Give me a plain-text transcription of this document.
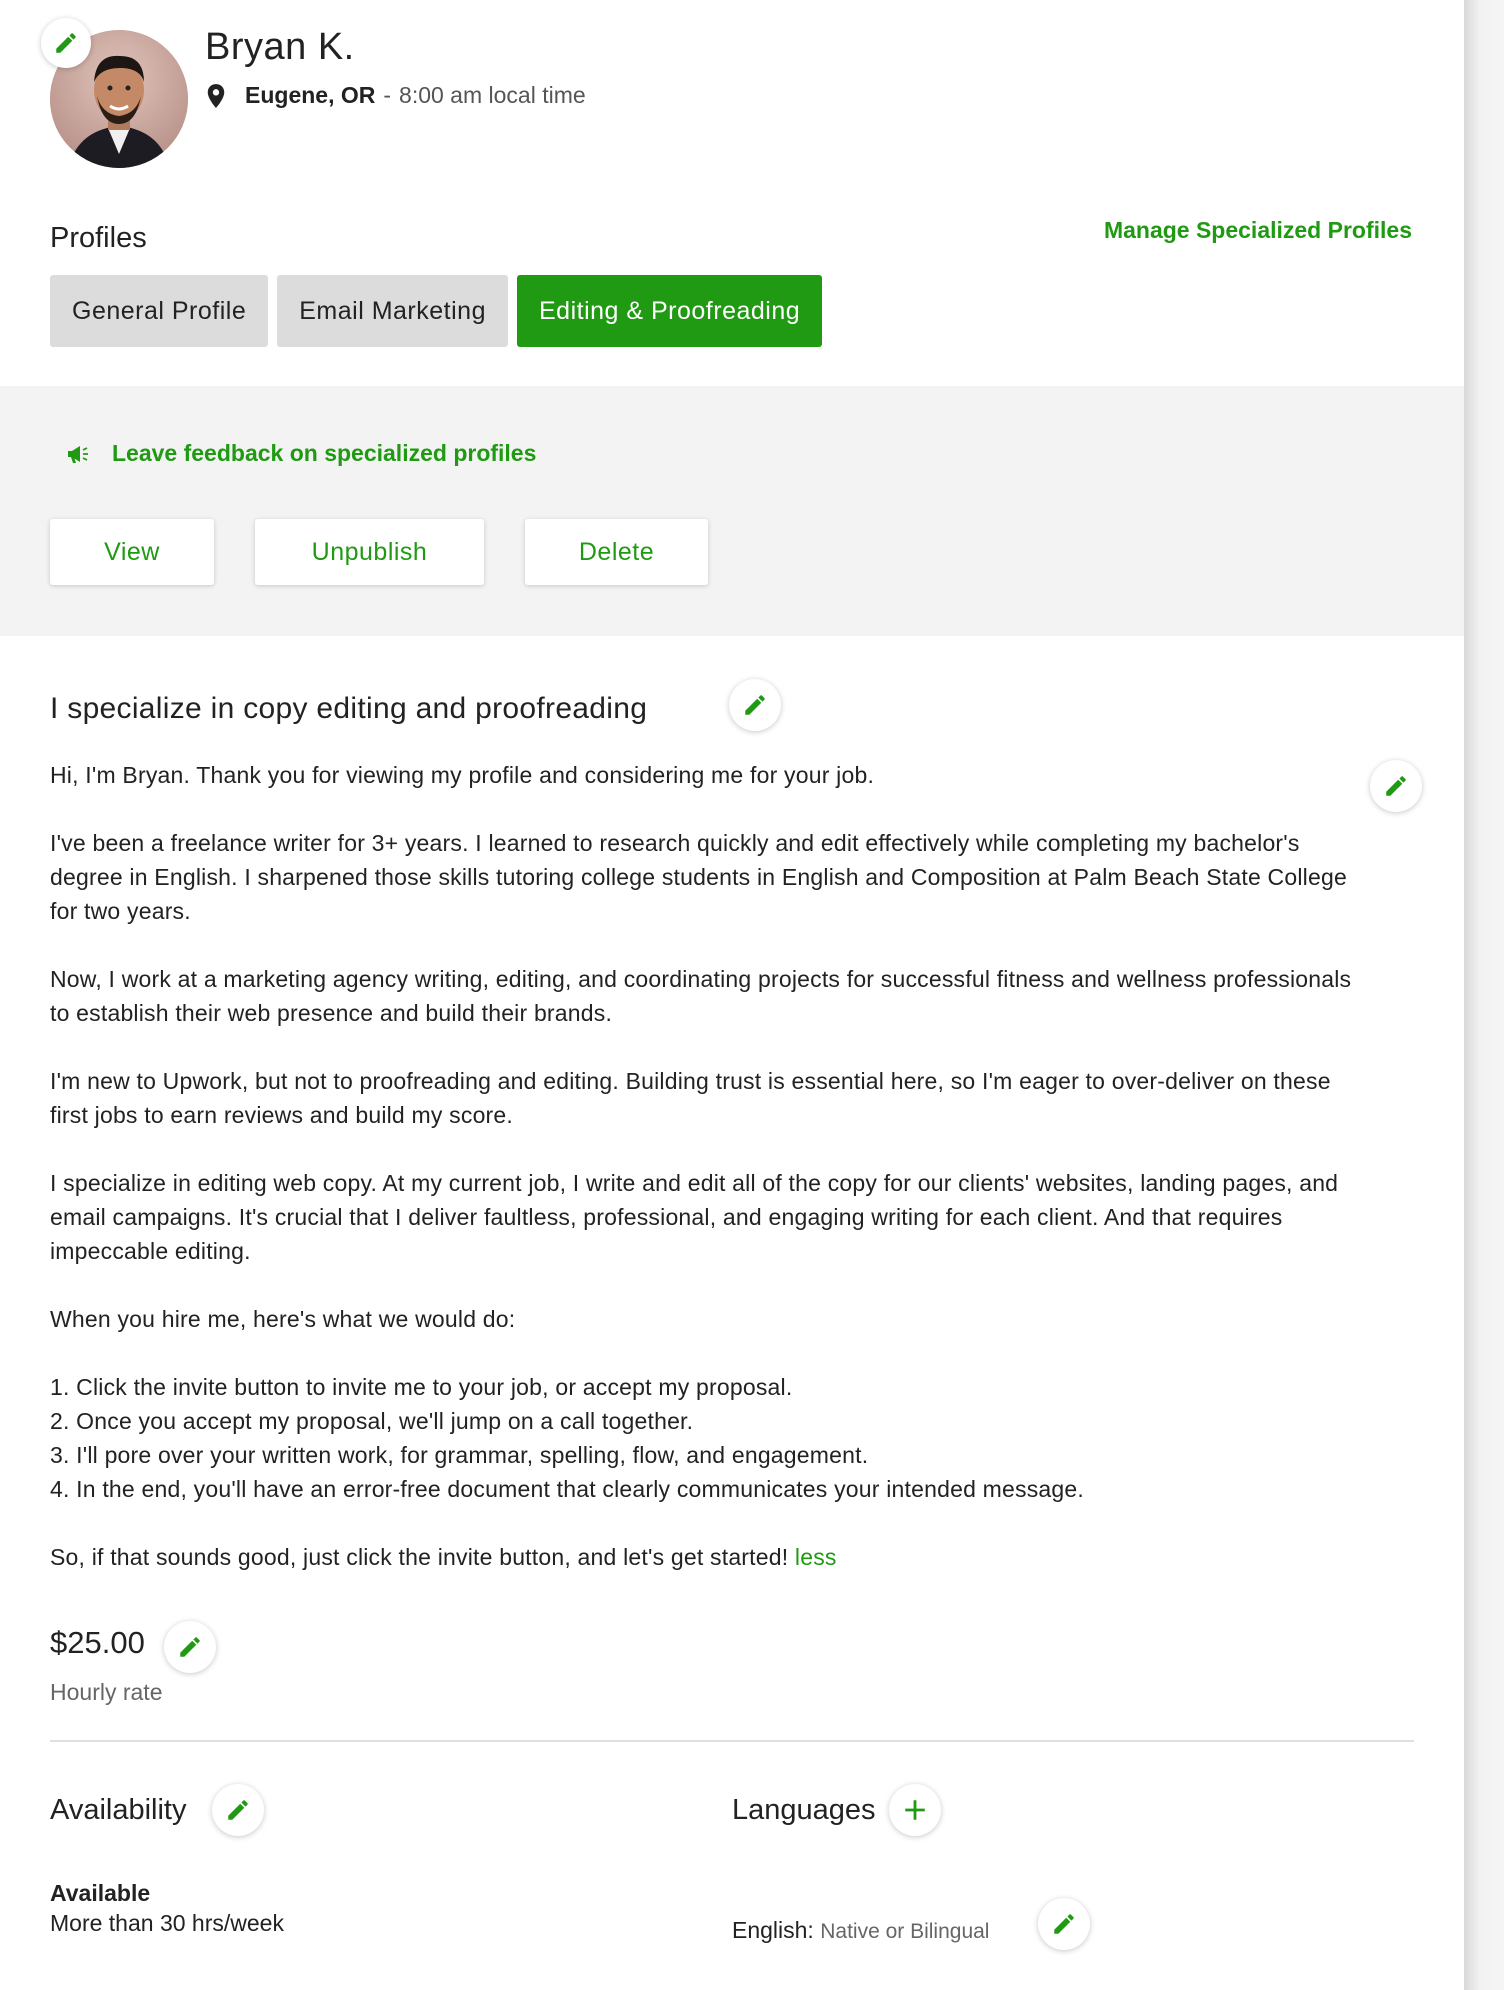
Bryan K.
Eugene, OR - 8:00 am local time
Profiles	Manage Specialized Profiles
General Profile	Email Marketing	Editing & Proofreading
Leave feedback on specialized profiles
View	Unpublish	Delete
I specialize in copy editing and proofreading

Hi, I'm Bryan. Thank you for viewing my profile and considering me for your job.

I've been a freelance writer for 3+ years. I learned to research quickly and edit effectively while completing my bachelor's degree in English. I sharpened those skills tutoring college students in English and Composition at Palm Beach State College for two years.

Now, I work at a marketing agency writing, editing, and coordinating projects for successful fitness and wellness professionals to establish their web presence and build their brands.

I'm new to Upwork, but not to proofreading and editing. Building trust is essential here, so I'm eager to over-deliver on these first jobs to earn reviews and build my score.

I specialize in editing web copy. At my current job, I write and edit all of the copy for our clients' websites, landing pages, and email campaigns. It's crucial that I deliver faultless, professional, and engaging writing for each client. And that requires impeccable editing.

When you hire me, here's what we would do:

1. Click the invite button to invite me to your job, or accept my proposal.

2. Once you accept my proposal, we'll jump on a call together.

3. I'll pore over your written work, for grammar, spelling, flow, and engagement.

4. In the end, you'll have an error-free document that clearly communicates your intended message.

So, if that sounds good, just click the invite button, and let's get started! less

$25.00
Hourly rate
Availability
Available
More than 30 hrs/week
Languages
English: Native or Bilingual
